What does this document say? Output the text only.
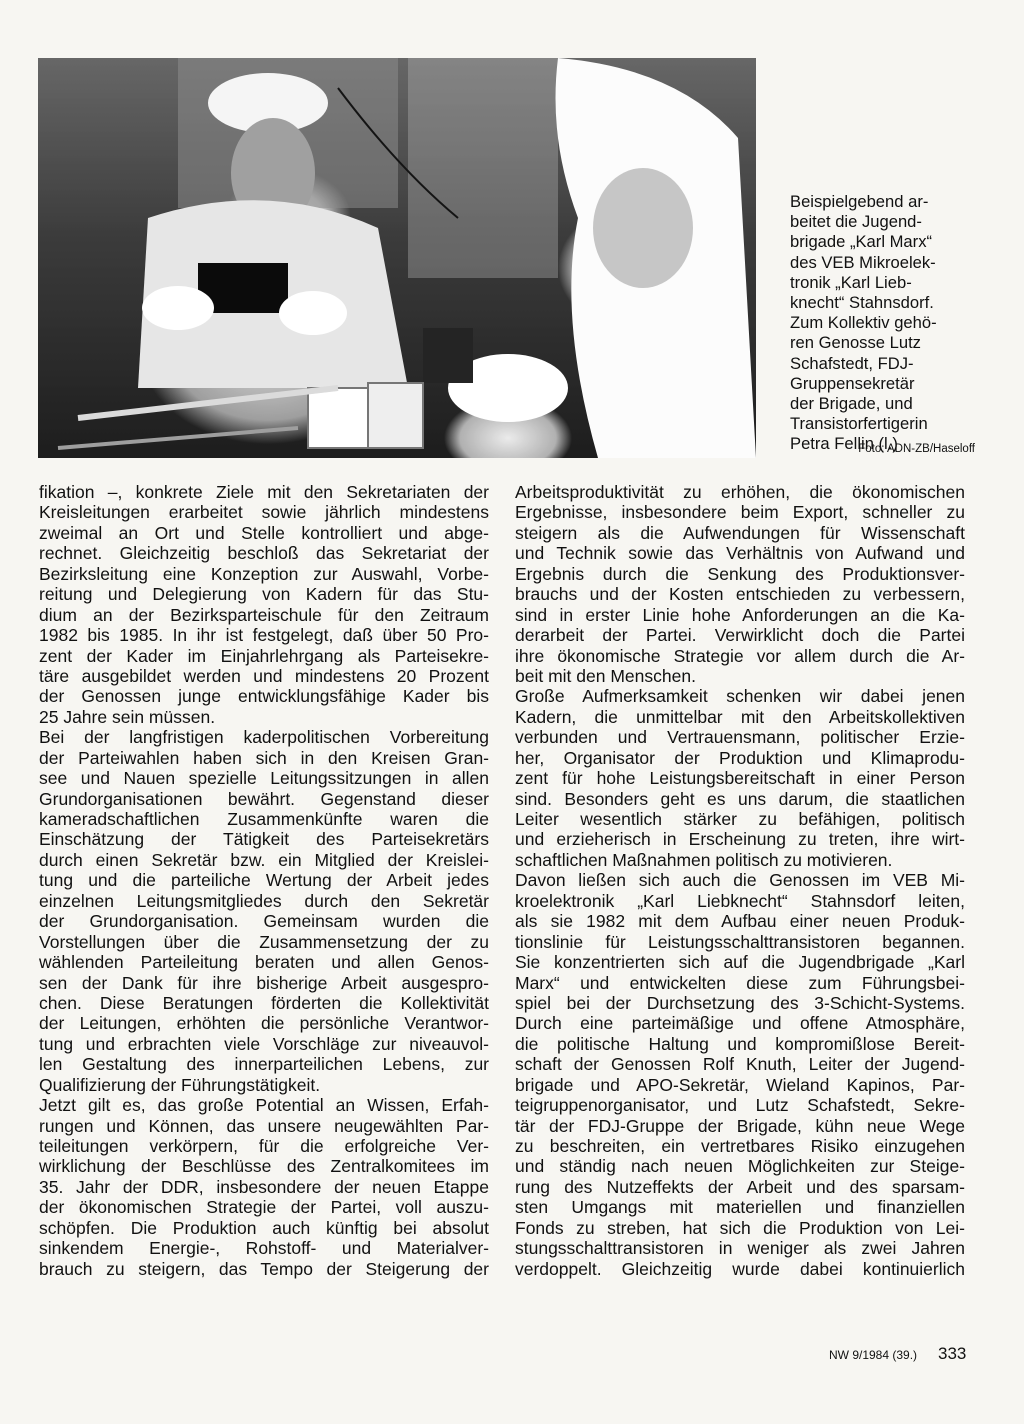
Beispielgebend ar-
beitet die Jugend-
brigade „Karl Marx“
des VEB Mikroelek-
tronik „Karl Lieb-
knecht“ Stahnsdorf.
Zum Kollektiv gehö-
ren Genosse Lutz
Schafstedt, FDJ-
Gruppensekretär
der Brigade, und
Transistorfertigerin
Petra Fellin (l.)
Foto: ADN-ZB/Haseloff
fikation –, konkrete Ziele mit den Sekretariaten der
Kreisleitungen erarbeitet sowie jährlich mindestens
zweimal an Ort und Stelle kontrolliert und abge-
rechnet. Gleichzeitig beschloß das Sekretariat der
Bezirksleitung eine Konzeption zur Auswahl, Vorbe-
reitung und Delegierung von Kadern für das Stu-
dium an der Bezirksparteischule für den Zeitraum
1982 bis 1985. In ihr ist festgelegt, daß über 50 Pro-
zent der Kader im Einjahrlehrgang als Parteisekre-
täre ausgebildet werden und mindestens 20 Prozent
der Genossen junge entwicklungsfähige Kader bis
25 Jahre sein müssen.
Bei der langfristigen kaderpolitischen Vorbereitung
der Parteiwahlen haben sich in den Kreisen Gran-
see und Nauen spezielle Leitungssitzungen in allen
Grundorganisationen bewährt. Gegenstand dieser
kameradschaftlichen Zusammenkünfte waren die
Einschätzung der Tätigkeit des Parteisekretärs
durch einen Sekretär bzw. ein Mitglied der Kreislei-
tung und die parteiliche Wertung der Arbeit jedes
einzelnen Leitungsmitgliedes durch den Sekretär
der Grundorganisation. Gemeinsam wurden die
Vorstellungen über die Zusammensetzung der zu
wählenden Parteileitung beraten und allen Genos-
sen der Dank für ihre bisherige Arbeit ausgespro-
chen. Diese Beratungen förderten die Kollektivität
der Leitungen, erhöhten die persönliche Verantwor-
tung und erbrachten viele Vorschläge zur niveauvol-
len Gestaltung des innerparteilichen Lebens, zur
Qualifizierung der Führungstätigkeit.
Jetzt gilt es, das große Potential an Wissen, Erfah-
rungen und Können, das unsere neugewählten Par-
teileitungen verkörpern, für die erfolgreiche Ver-
wirklichung der Beschlüsse des Zentralkomitees im
35. Jahr der DDR, insbesondere der neuen Etappe
der ökonomischen Strategie der Partei, voll auszu-
schöpfen. Die Produktion auch künftig bei absolut
sinkendem Energie-, Rohstoff- und Materialver-
brauch zu steigern, das Tempo der Steigerung der
Arbeitsproduktivität zu erhöhen, die ökonomischen
Ergebnisse, insbesondere beim Export, schneller zu
steigern als die Aufwendungen für Wissenschaft
und Technik sowie das Verhältnis von Aufwand und
Ergebnis durch die Senkung des Produktionsver-
brauchs und der Kosten entschieden zu verbessern,
sind in erster Linie hohe Anforderungen an die Ka-
derarbeit der Partei. Verwirklicht doch die Partei
ihre ökonomische Strategie vor allem durch die Ar-
beit mit den Menschen.
Große Aufmerksamkeit schenken wir dabei jenen
Kadern, die unmittelbar mit den Arbeitskollektiven
verbunden und Vertrauensmann, politischer Erzie-
her, Organisator der Produktion und Klimaprodu-
zent für hohe Leistungsbereitschaft in einer Person
sind. Besonders geht es uns darum, die staatlichen
Leiter wesentlich stärker zu befähigen, politisch
und erzieherisch in Erscheinung zu treten, ihre wirt-
schaftlichen Maßnahmen politisch zu motivieren.
Davon ließen sich auch die Genossen im VEB Mi-
kroelektronik „Karl Liebknecht“ Stahnsdorf leiten,
als sie 1982 mit dem Aufbau einer neuen Produk-
tionslinie für Leistungsschalttransistoren begannen.
Sie konzentrierten sich auf die Jugendbrigade „Karl
Marx“ und entwickelten diese zum Führungsbei-
spiel bei der Durchsetzung des 3-Schicht-Systems.
Durch eine parteimäßige und offene Atmosphäre,
die politische Haltung und kompromißlose Bereit-
schaft der Genossen Rolf Knuth, Leiter der Jugend-
brigade und APO-Sekretär, Wieland Kapinos, Par-
teigruppenorganisator, und Lutz Schafstedt, Sekre-
tär der FDJ-Gruppe der Brigade, kühn neue Wege
zu beschreiten, ein vertretbares Risiko einzugehen
und ständig nach neuen Möglichkeiten zur Steige-
rung des Nutzeffekts der Arbeit und des sparsam-
sten Umgangs mit materiellen und finanziellen
Fonds zu streben, hat sich die Produktion von Lei-
stungsschalttransistoren in weniger als zwei Jahren
verdoppelt. Gleichzeitig wurde dabei kontinuierlich
NW 9/1984 (39.) 333
